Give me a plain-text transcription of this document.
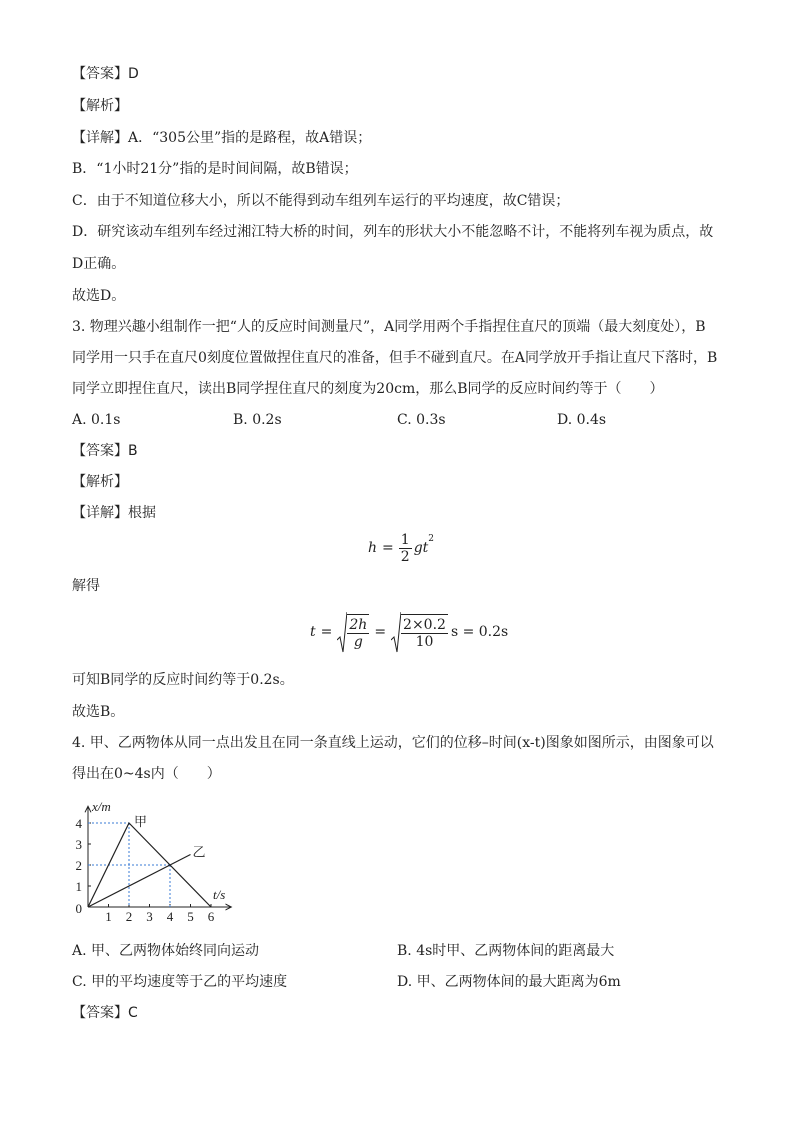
【答案】D
【解析】
【详解】A．“305公里”指的是路程，故A错误；
B．“1小时21分”指的是时间间隔，故B错误；
C．由于不知道位移大小，所以不能得到动车组列车运行的平均速度，故C错误；
D．研究该动车组列车经过湘江特大桥的时间，列车的形状大小不能忽略不计，不能将列车视为质点，故
D正确。
故选D。
3. 物理兴趣小组制作一把“人的反应时间测量尺”，A同学用两个手指捏住直尺的顶端（最大刻度处），B
同学用一只手在直尺0刻度位置做捏住直尺的准备，但手不碰到直尺。在A同学放开手指让直尺下落时，B
同学立即捏住直尺，读出B同学捏住直尺的刻度为20cm，那么B同学的反应时间约等于（　　）
A. 0.1s	B. 0.2s	C. 0.3s	D. 0.4s
【答案】B
【解析】
【详解】根据
$h = \frac{1}{2}$ gt
$^2$
解得
$t = \frac{2h}{g} = \frac{2\times 0.2}{10}$ s = 0.2s
可知B同学的反应时间约等于0.2s。
故选B。
4. 甲、乙两物体从同一点出发且在同一条直线上运动，它们的位移–时间(x-t)图象如图所示，由图象可以
得出在0~4s内（　　）
1 2 3 4 5 6
1
2
3
4
0
x/m
t/s
甲
乙
A. 甲、乙两物体始终同向运动	B. 4s时甲、乙两物体间的距离最大
C. 甲的平均速度等于乙的平均速度	D. 甲、乙两物体间的最大距离为6m
【答案】C
